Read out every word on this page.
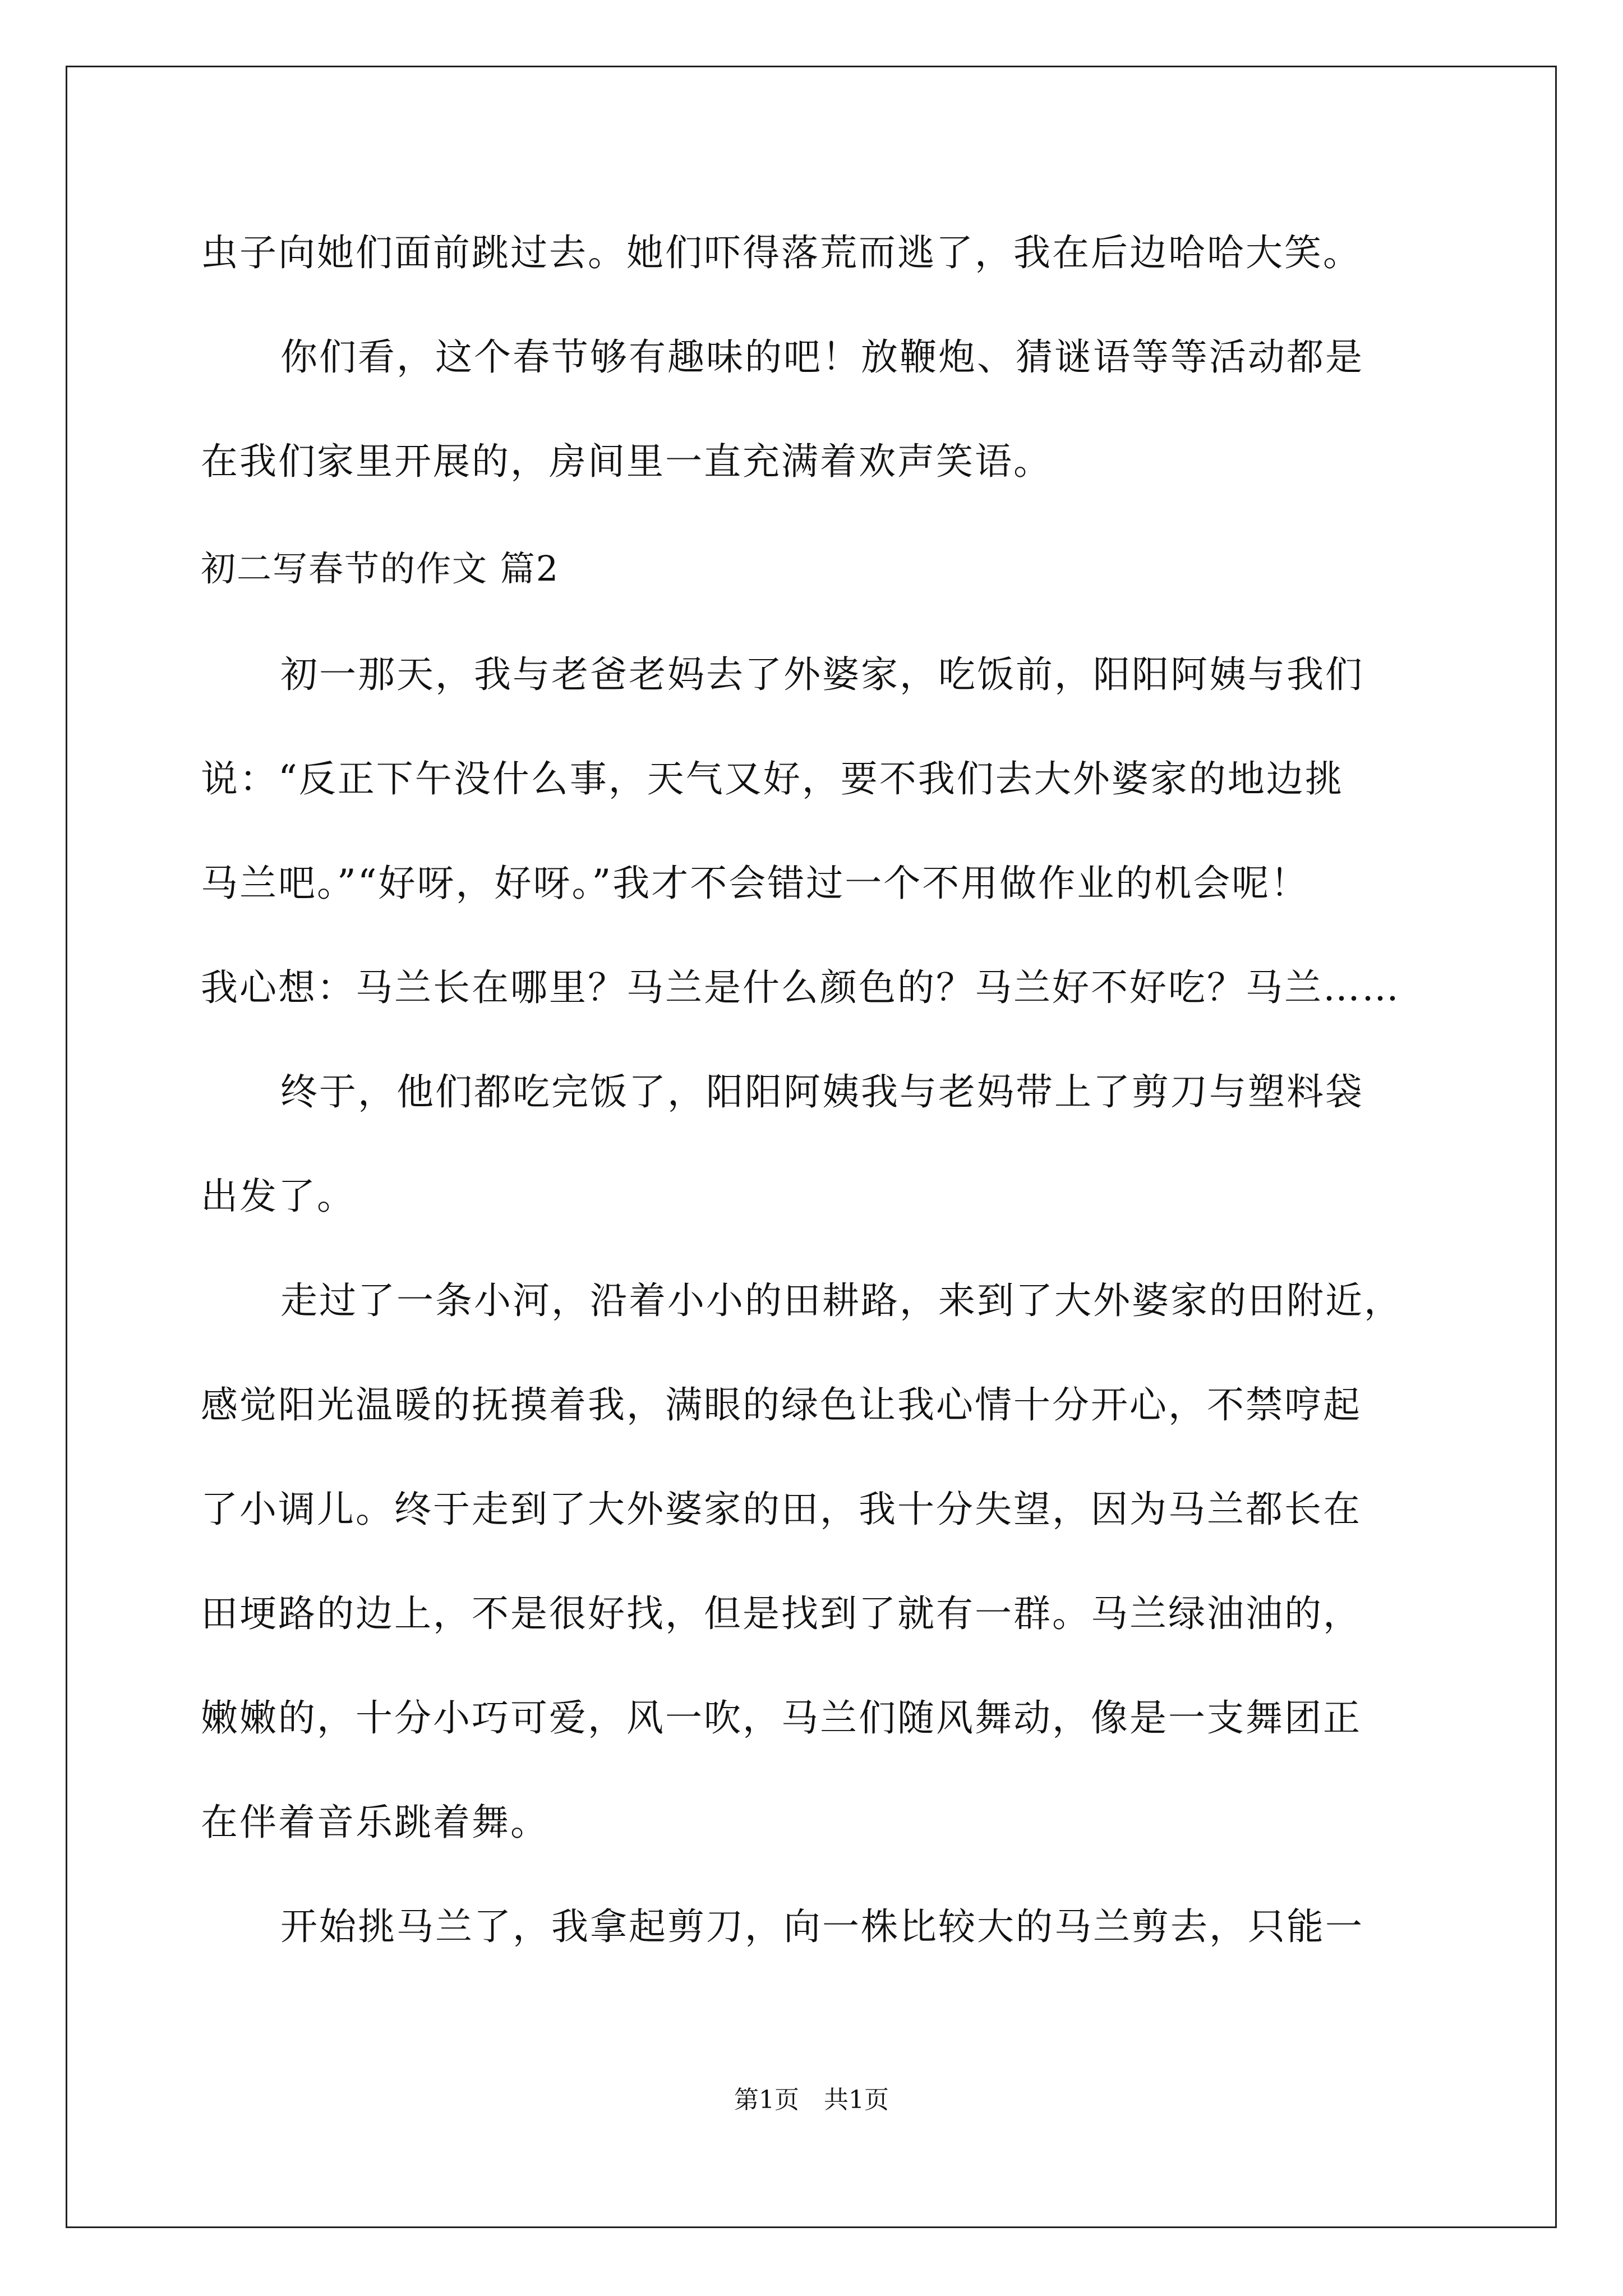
虫子向她们面前跳过去。她们吓得落荒而逃了，我在后边哈哈大笑。
你们看，这个春节够有趣味的吧！放鞭炮、猜谜语等等活动都是
在我们家里开展的，房间里一直充满着欢声笑语。
初二写春节的作文 篇2
初一那天，我与老爸老妈去了外婆家，吃饭前，阳阳阿姨与我们
说：“反正下午没什么事，天气又好，要不我们去大外婆家的地边挑
马兰吧。”“好呀，好呀。”我才不会错过一个不用做作业的机会呢！
我心想：马兰长在哪里？马兰是什么颜色的？马兰好不好吃？马兰……
终于，他们都吃完饭了，阳阳阿姨我与老妈带上了剪刀与塑料袋
出发了。
走过了一条小河，沿着小小的田耕路，来到了大外婆家的田附近，
感觉阳光温暖的抚摸着我，满眼的绿色让我心情十分开心，不禁哼起
了小调儿。终于走到了大外婆家的田，我十分失望，因为马兰都长在
田埂路的边上，不是很好找，但是找到了就有一群。马兰绿油油的，
嫩嫩的，十分小巧可爱，风一吹，马兰们随风舞动，像是一支舞团正
在伴着音乐跳着舞。
开始挑马兰了，我拿起剪刀，向一株比较大的马兰剪去，只能一
第1页　共1页
